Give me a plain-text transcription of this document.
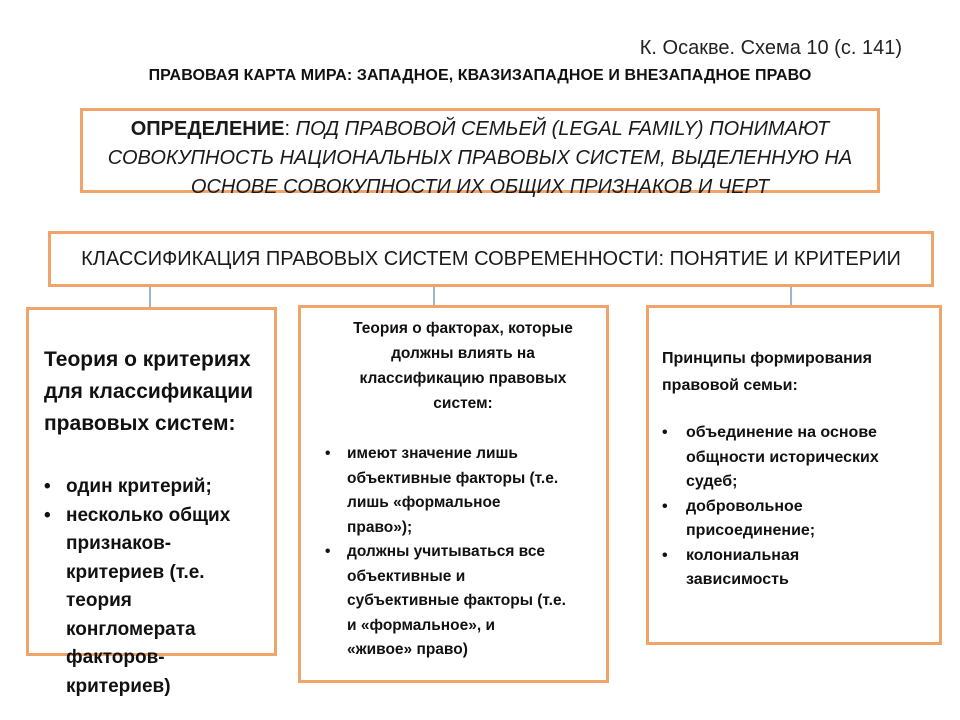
К. Осакве. Схема 10 (с. 141)
ПРАВОВАЯ КАРТА МИРА: ЗАПАДНОЕ, КВАЗИЗАПАДНОЕ И ВНЕЗАПАДНОЕ ПРАВО
ОПРЕДЕЛЕНИЕ: ПОД ПРАВОВОЙ СЕМЬЕЙ (LEGAL FAMILY) ПОНИМАЮТ
СОВОКУПНОСТЬ НАЦИОНАЛЬНЫХ ПРАВОВЫХ СИСТЕМ, ВЫДЕЛЕННУЮ НА
ОСНОВЕ СОВОКУПНОСТИ ИХ ОБЩИХ ПРИЗНАКОВ И ЧЕРТ
КЛАССИФИКАЦИЯ ПРАВОВЫХ СИСТЕМ СОВРЕМЕННОСТИ: ПОНЯТИЕ И КРИТЕРИИ
Теория о критериях
для классификации
правовых систем:
• один критерий;
• несколько общих
признаков-
критериев (т.е.
теория
конгломерата
факторов-
критериев)
Теория о факторах, которые
должны влиять на
классификацию правовых
систем:
• имеют значение лишь
объективные факторы (т.е.
лишь «формальное
право»);
• должны учитываться все
объективные и
субъективные факторы (т.е.
и «формальное», и
«живое» право)
Принципы формирования
правовой семьи:
• объединение на основе
общности исторических
судеб;
• добровольное
присоединение;
• колониальная
зависимость
